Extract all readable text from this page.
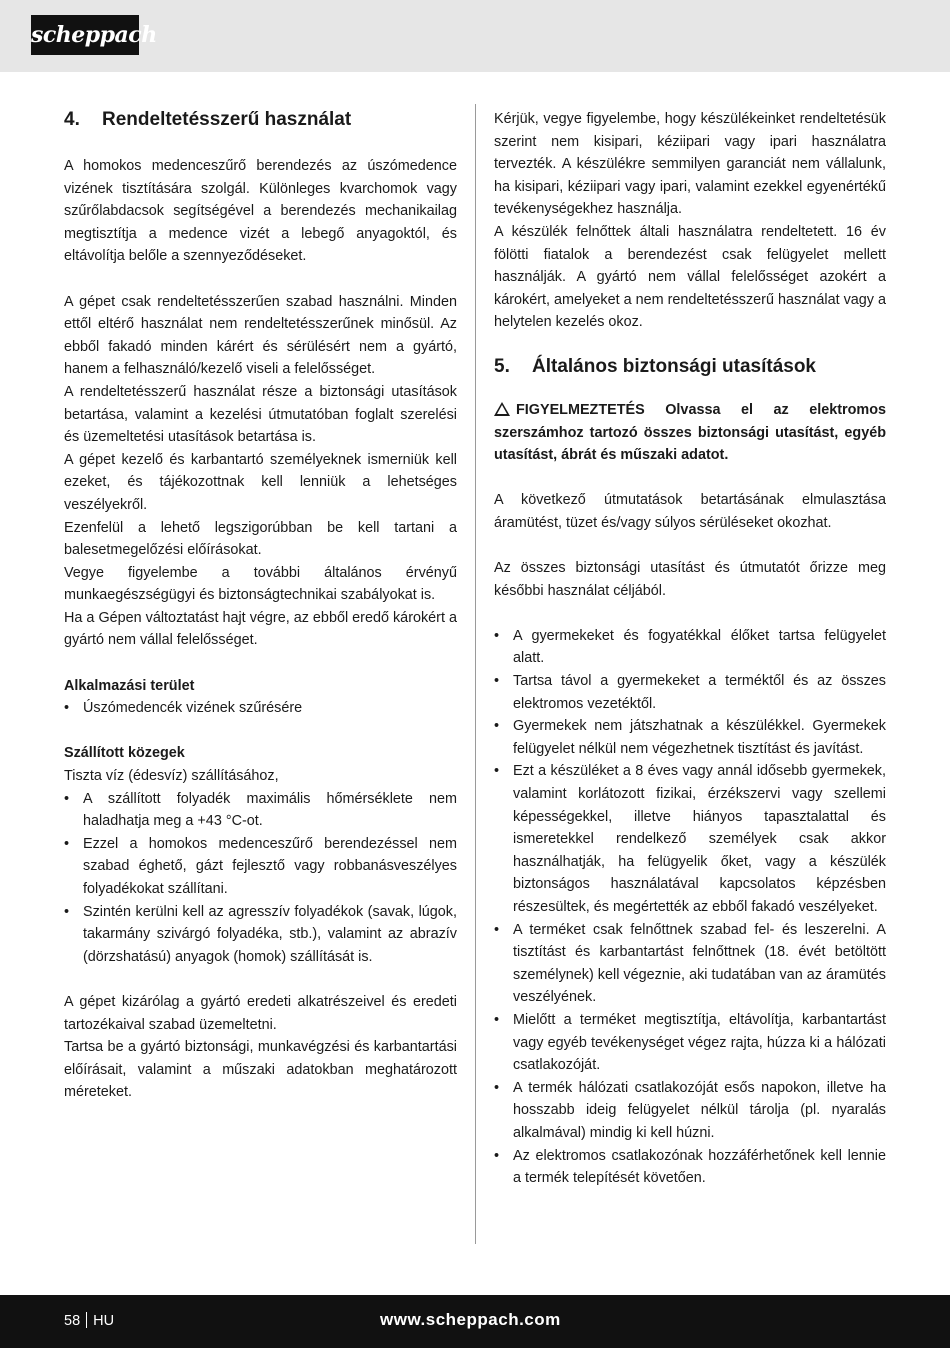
scheppach
4.	Rendeltetésszerű használat

A homokos medenceszűrő berendezés az úszómedence vizének tisztítására szolgál. Különleges kvarchomok vagy szűrőlabdacsok segítségével a berendezés mechanikailag megtisztítja a medence vizét a lebegő anyagoktól, és eltávolítja belőle a szennyeződéseket.

A gépet csak rendeltetésszerűen szabad használni. Minden ettől eltérő használat nem rendeltetésszerűnek minősül. Az ebből fakadó minden kárért és sérülésért nem a gyártó, hanem a felhasználó/kezelő viseli a felelősséget.

A rendeltetésszerű használat része a biztonsági utasítások betartása, valamint a kezelési útmutatóban foglalt szerelési és üzemeltetési utasítások betartása is.

A gépet kezelő és karbantartó személyeknek ismerniük kell ezeket, és tájékozottnak kell lenniük a lehetséges veszélyekről.

Ezenfelül a lehető legszigorúbban be kell tartani a balesetmegelőzési előírásokat.

Vegye figyelembe a további általános érvényű munkaegészségügyi és biztonságtechnikai szabályokat is.

Ha a Gépen változtatást hajt végre, az ebből eredő károkért a gyártó nem vállal felelősséget.

Alkalmazási terület

• Úszómedencék vizének szűrésére

Szállított közegek

Tiszta víz (édesvíz) szállításához,

• A szállított folyadék maximális hőmérséklete nem haladhatja meg a +43 °C-ot.
• Ezzel a homokos medenceszűrő berendezéssel nem szabad éghető, gázt fejlesztő vagy robbanásveszélyes folyadékokat szállítani.
• Szintén kerülni kell az agresszív folyadékok (savak, lúgok, takarmány szivárgó folyadéka, stb.), valamint az abrazív (dörzshatású) anyagok (homok) szállítását is.

A gépet kizárólag a gyártó eredeti alkatrészeivel és eredeti tartozékaival szabad üzemeltetni.

Tartsa be a gyártó biztonsági, munkavégzési és karbantartási előírásait, valamint a műszaki adatokban meghatározott méreteket.

Kérjük, vegye figyelembe, hogy készülékeinket rendeltetésük szerint nem kisipari, kéziipari vagy ipari használatra tervezték. A készülékre semmilyen garanciát nem vállalunk, ha kisipari, kéziipari vagy ipari, valamint ezekkel egyenértékű tevékenységekhez használja.

A készülék felnőttek általi használatra rendeltetett. 16 év fölötti fiatalok a berendezést csak felügyelet mellett használják. A gyártó nem vállal felelősséget azokért a károkért, amelyeket a nem rendeltetésszerű használat vagy a helytelen kezelés okoz.

5.	Általános biztonsági utasítások

FIGYELMEZTETÉS Olvassa el az elektromos szerszámhoz tartozó összes biztonsági utasítást, egyéb utasítást, ábrát és műszaki adatot.

A következő útmutatások betartásának elmulasztása áramütést, tüzet és/vagy súlyos sérüléseket okozhat.

Az összes biztonsági utasítást és útmutatót őrizze meg későbbi használat céljából.

• A gyermekeket és fogyatékkal élőket tartsa felügyelet alatt.
• Tartsa távol a gyermekeket a terméktől és az összes elektromos vezetéktől.
• Gyermekek nem játszhatnak a készülékkel. Gyermekek felügyelet nélkül nem végezhetnek tisztítást és javítást.
• Ezt a készüléket a 8 éves vagy annál idősebb gyermekek, valamint korlátozott fizikai, érzékszervi vagy szellemi képességekkel, illetve hiányos tapasztalattal és ismeretekkel rendelkező személyek csak akkor használhatják, ha felügyelik őket, vagy a készülék biztonságos használatával kapcsolatos képzésben részesültek, és megértették az ebből fakadó veszélyeket.
• A terméket csak felnőttnek szabad fel- és leszerelni. A tisztítást és karbantartást felnőttnek (18. évét betöltött személynek) kell végeznie, aki tudatában van az áramütés veszélyének.
• Mielőtt a terméket megtisztítja, eltávolítja, karbantartást vagy egyéb tevékenységet végez rajta, húzza ki a hálózati csatlakozóját.
• A termék hálózati csatlakozóját esős napokon, illetve ha hosszabb ideig felügyelet nélkül tárolja (pl. nyaralás alkalmával) mindig ki kell húzni.
• Az elektromos csatlakozónak hozzáférhetőnek kell lennie a termék telepítését követően.
58 HU	www.scheppach.com
